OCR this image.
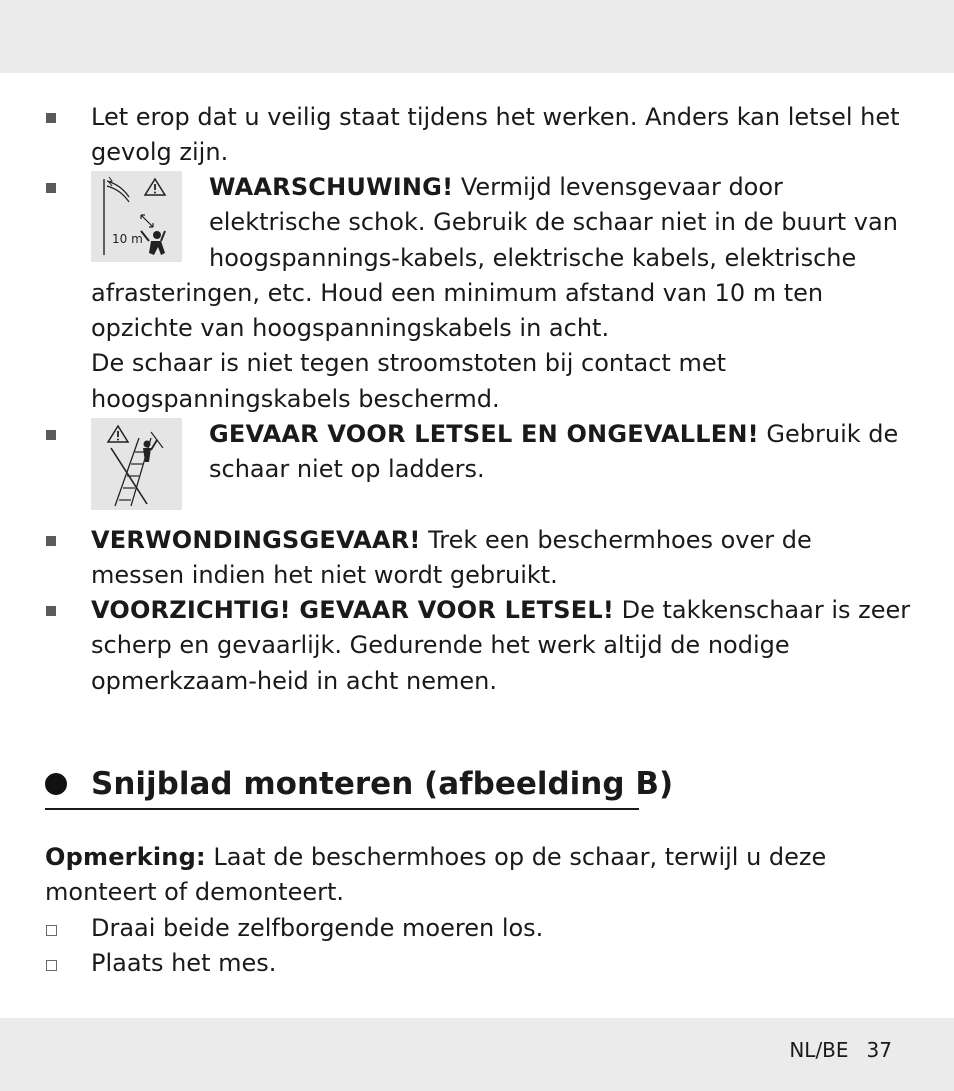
Let erop dat u veilig staat tijdens het werken. Anders kan letsel het gevolg zijn.
10 m
WAARSCHUWING! Vermijd levensgevaar door elektrische schok. Gebruik de schaar niet in de buurt van hoogspannings-kabels, elektrische kabels, elektrische afrasteringen, etc. Houd een minimum afstand van 10 m ten opzichte van hoogspanningskabels in acht.
De schaar is niet tegen stroomstoten bij contact met hoogspanningskabels beschermd.
GEVAAR VOOR LETSEL EN ONGEVALLEN! Gebruik de schaar niet op ladders.
VERWONDINGSGEVAAR! Trek een beschermhoes over de messen indien het niet wordt gebruikt.
VOORZICHTIG! GEVAAR VOOR LETSEL! De takkenschaar is zeer scherp en gevaarlijk. Gedurende het werk altijd de nodige opmerkzaam-heid in acht nemen.
Snijblad monteren (afbeelding B)
Opmerking: Laat de beschermhoes op de schaar, terwijl u deze monteert of demonteert.
Draai beide zelfborgende moeren los.
Plaats het mes.
NL/BE 37
